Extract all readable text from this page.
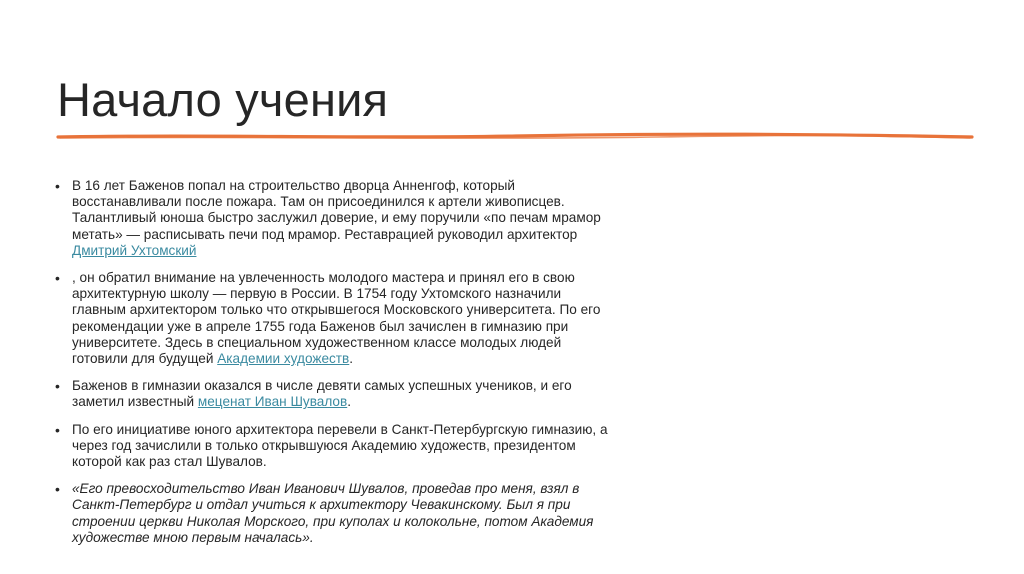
Начало учения
• В 16 лет Баженов попал на строительство дворца Анненгоф, который восстанавливали после пожара. Там он присоединился к артели живописцев. Талантливый юноша быстро заслужил доверие, и ему поручили «по печам мрамор метать» — расписывать печи под мрамор. Реставрацией руководил архитектор Дмитрий Ухтомский
• , он обратил внимание на увлеченность молодого мастера и принял его в свою архитектурную школу — первую в России. В 1754 году Ухтомского назначили главным архитектором только что открывшегося Московского университета. По его рекомендации уже в апреле 1755 года Баженов был зачислен в гимназию при университете. Здесь в специальном художественном классе молодых людей готовили для будущей Академии художеств.
• Баженов в гимназии оказался в числе девяти самых успешных учеников, и его заметил известный меценат Иван Шувалов.
• По его инициативе юного архитектора перевели в Санкт-Петербургскую гимназию, а через год зачислили в только открывшуюся Академию художеств, президентом которой как раз стал Шувалов.
• «Его превосходительство Иван Иванович Шувалов, проведав про меня, взял в Санкт-Петербург и отдал учиться к архитектору Чевакинскому. Был я при строении церкви Николая Морского, при куполах и колокольне, потом Академия художестве мною первым началась».
